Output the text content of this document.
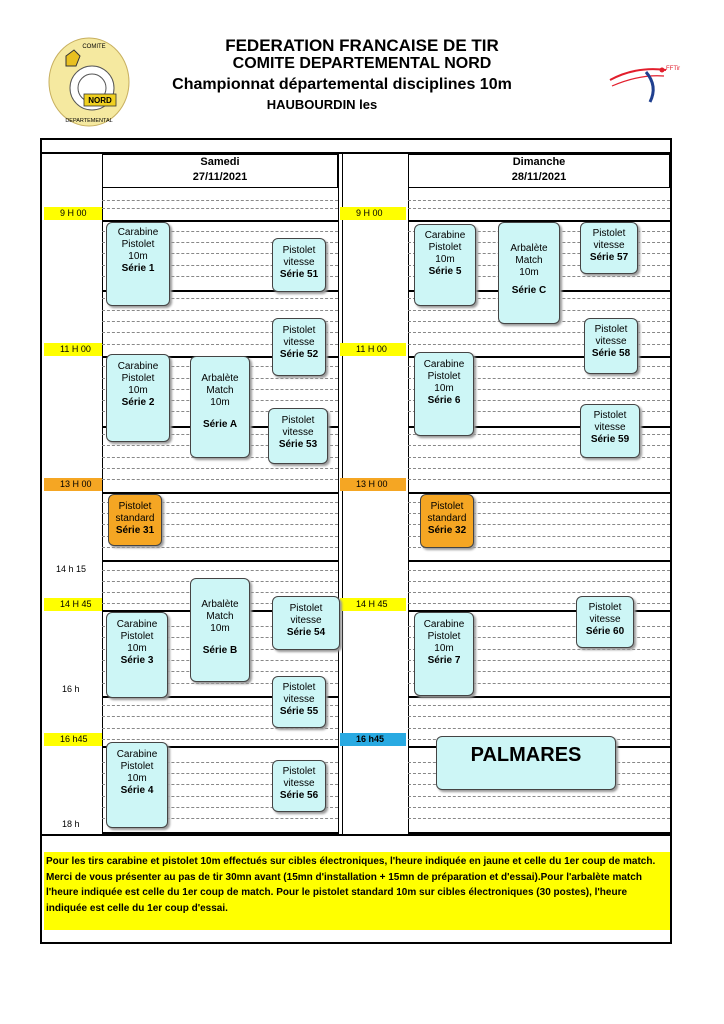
FEDERATION FRANCAISE DE TIR
COMITE DEPARTEMENTAL NORD
Championnat départemental disciplines 10m
HAUBOURDIN les
NORD
COMITE
DEPARTEMENTAL
FFTir
Samedi
27/11/2021
Dimanche
28/11/2021
9 H 00
11 H 00
13 H 00
14 h 15
14 H 45
16 h
16 h45
18 h
9 H 00
11 H 00
13 H 00
14 H 45
16 h45
Carabine
Pistolet
10m
Série 1
Pistolet
vitesse
Série 51
Pistolet
vitesse
Série 52
Carabine
Pistolet
10m
Série 2
Arbalète
Match
10m
Série A	Pistolet
vitesse
Série 53
Pistolet
standard
Série 31
Arbalète
Match
10m
Série B
Pistolet
vitesse
Série 54
Carabine
Pistolet
10m
Série 3
Pistolet
vitesse
Série 55
Carabine
Pistolet
10m
Série 4
Pistolet
vitesse
Série 56
Carabine
Pistolet
10m
Série 5
Arbalète
Match
10m
Série C
Pistolet
vitesse
Série 57
Pistolet
vitesse
Série 58
Carabine
Pistolet
10m
Série 6
Pistolet
vitesse
Série 59
Pistolet
standard
Série 32
Pistolet
vitesse
Série 60
Carabine
Pistolet
10m
Série 7
PALMARES
Pour les tirs carabine et pistolet 10m effectués sur cibles électroniques, l'heure indiquée en jaune et celle du 1er coup de match. Merci de vous présenter au pas de tir 30mn avant (15mn d'installation + 15mn de préparation et d'essai).Pour l'arbalète match l'heure indiquée est celle du 1er coup de match. Pour le pistolet standard 10m sur cibles électroniques (30 postes), l'heure indiquée est celle du 1er coup d'essai.
